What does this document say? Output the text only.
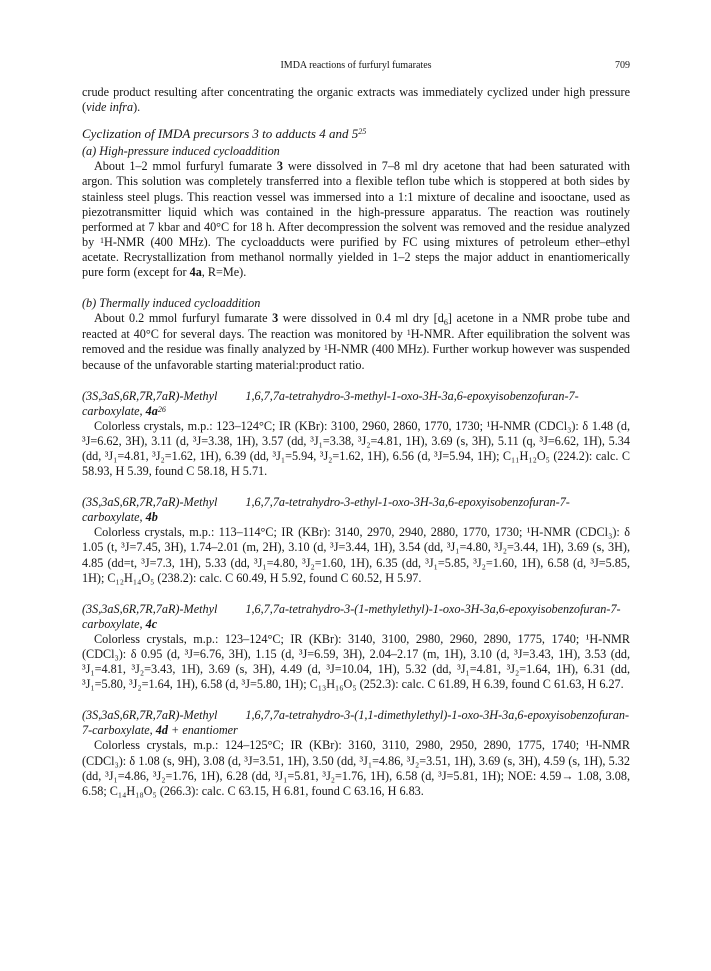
IMDA reactions of furfuryl fumarates	709

crude product resulting after concentrating the organic extracts was immediately cyclized under high pressure (vide infra).

Cyclization of IMDA precursors 3 to adducts 4 and $5^{25}$

(a) High-pressure induced cycloaddition

About 1–2 mmol furfuryl fumarate 3 were dissolved in 7–8 ml dry acetone that had been saturated with argon. This solution was completely transferred into a flexible teflon tube which is stoppered at both sides by stainless steel plugs. This reaction vessel was immersed into a 1:1 mixture of decaline and isooctane, used as piezotransmitter liquid which was contained in the high-pressure apparatus. The reaction was routinely performed at 7 kbar and 40°C for 18 h. After decompression the solvent was removed and the residue analyzed by $^1$H-NMR (400 MHz). The cycloadducts were purified by FC using mixtures of petroleum ether–ethyl acetate. Recrystallization from methanol normally yielded in 1–2 steps the major adduct in enantiomerically pure form (except for 4a, R=Me).

(b) Thermally induced cycloaddition

About 0.2 mmol furfuryl fumarate 3 were dissolved in 0.4 ml dry $[d_6]$ acetone in a NMR probe tube and reacted at 40°C for several days. The reaction was monitored by $^1$H-NMR. After equilibration the solvent was removed and the residue was finally analyzed by $^1$H-NMR (400 MHz). Further workup however was suspended because of the unfavorable starting material:product ratio.

(3S,3aS,6R,7R,7aR)-Methyl 1,6,7,7a-tetrahydro-3-methyl-1-oxo-3H-3a,6-epoxyisobenzofuran-7-carboxylate, $4a^{26}$

Colorless crystals, m.p.: 123–124°C; IR (KBr): 3100, 2960, 2860, 1770, 1730; ¹H-NMR (CDCl₃): δ 1.48 (d, ³J=6.62, 3H), 3.11 (d, ³J=3.38, 1H), 3.57 (dd, ³J₁=3.38, ³J₂=4.81, 1H), 3.69 (s, 3H), 5.11 (q, ³J=6.62, 1H), 5.34 (dd, ³J₁=4.81, ³J₂=1.62, 1H), 6.39 (dd, ³J₁=5.94, ³J₂=1.62, 1H), 6.56 (d, ³J=5.94, 1H); C₁₁H₁₂O₅ (224.2): calc. C 58.93, H 5.39, found C 58.18, H 5.71.

(3S,3aS,6R,7R,7aR)-Methyl 1,6,7,7a-tetrahydro-3-ethyl-1-oxo-3H-3a,6-epoxyisobenzofuran-7-carboxylate, 4b

Colorless crystals, m.p.: 113–114°C; IR (KBr): 3140, 2970, 2940, 2880, 1770, 1730; ¹H-NMR (CDCl₃): δ 1.05 (t, ³J=7.45, 3H), 1.74–2.01 (m, 2H), 3.10 (d, ³J=3.44, 1H), 3.54 (dd, ³J₁=4.80, ³J₂=3.44, 1H), 3.69 (s, 3H), 4.85 (dd=t, ³J=7.3, 1H), 5.33 (dd, ³J₁=4.80, ³J₂=1.60, 1H), 6.35 (dd, ³J₁=5.85, ³J₂=1.60, 1H), 6.58 (d, ³J=5.85, 1H); C₁₂H₁₄O₅ (238.2): calc. C 60.49, H 5.92, found C 60.52, H 5.97.

(3S,3aS,6R,7R,7aR)-Methyl 1,6,7,7a-tetrahydro-3-(1-methylethyl)-1-oxo-3H-3a,6-epoxyisobenzofuran-7-carboxylate, 4c

Colorless crystals, m.p.: 123–124°C; IR (KBr): 3140, 3100, 2980, 2960, 2890, 1775, 1740; ¹H-NMR (CDCl₃): δ 0.95 (d, ³J=6.76, 3H), 1.15 (d, ³J=6.59, 3H), 2.04–2.17 (m, 1H), 3.10 (d, ³J=3.43, 1H), 3.53 (dd, ³J₁=4.81, ³J₂=3.43, 1H), 3.69 (s, 3H), 4.49 (d, ³J=10.04, 1H), 5.32 (dd, ³J₁=4.81, ³J₂=1.64, 1H), 6.31 (dd, ³J₁=5.80, ³J₂=1.64, 1H), 6.58 (d, ³J=5.80, 1H); C₁₃H₁₆O₅ (252.3): calc. C 61.89, H 6.39, found C 61.63, H 6.27.

(3S,3aS,6R,7R,7aR)-Methyl 1,6,7,7a-tetrahydro-3-(1,1-dimethylethyl)-1-oxo-3H-3a,6-epoxyisobenzofuran-7-carboxylate, 4d + enantiomer

Colorless crystals, m.p.: 124–125°C; IR (KBr): 3160, 3110, 2980, 2950, 2890, 1775, 1740; ¹H-NMR (CDCl₃): δ 1.08 (s, 9H), 3.08 (d, ³J=3.51, 1H), 3.50 (dd, ³J₁=4.86, ³J₂=3.51, 1H), 3.69 (s, 3H), 4.59 (s, 1H), 5.32 (dd, ³J₁=4.86, ³J₂=1.76, 1H), 6.28 (dd, ³J₁=5.81, ³J₂=1.76, 1H), 6.58 (d, ³J=5.81, 1H); NOE: 4.59→ 1.08, 3.08, 6.58; C₁₄H₁₈O₅ (266.3): calc. C 63.15, H 6.81, found C 63.16, H 6.83.
